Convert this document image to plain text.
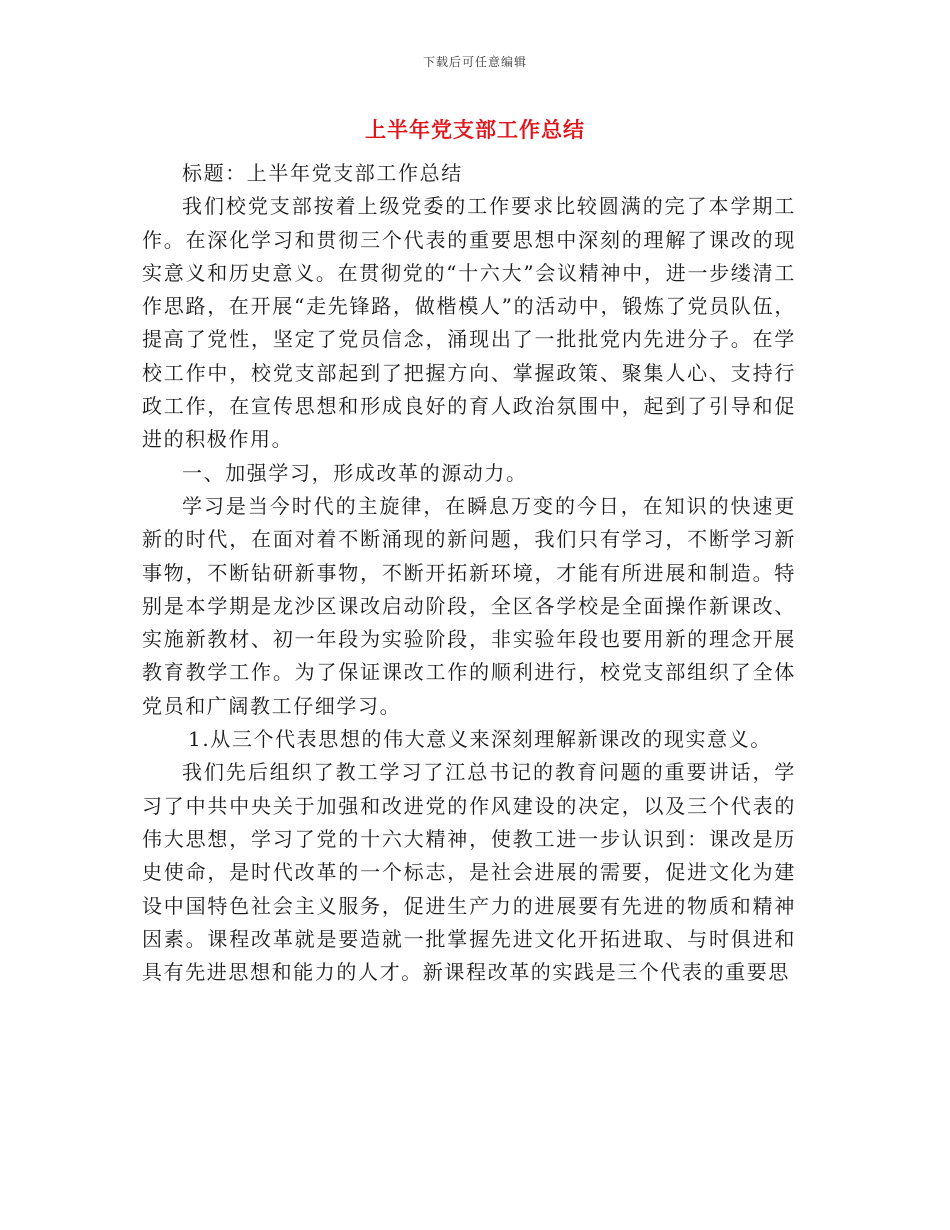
下载后可任意编辑
上半年党支部工作总结

标题：上半年党支部工作总结

我们校党支部按着上级党委的工作要求比较圆满的完了本学期工作。在深化学习和贯彻三个代表的重要思想中深刻的理解了课改的现实意义和历史意义。在贯彻党的“十六大”会议精神中，进一步缕清工作思路，在开展“走先锋路，做楷模人”的活动中，锻炼了党员队伍，提高了党性，坚定了党员信念，涌现出了一批批党内先进分子。在学校工作中，校党支部起到了把握方向、掌握政策、聚集人心、支持行政工作，在宣传思想和形成良好的育人政治氛围中，起到了引导和促进的积极作用。

一、加强学习，形成改革的源动力。

学习是当今时代的主旋律，在瞬息万变的今日，在知识的快速更新的时代，在面对着不断涌现的新问题，我们只有学习，不断学习新事物，不断钻研新事物，不断开拓新环境，才能有所进展和制造。特别是本学期是龙沙区课改启动阶段，全区各学校是全面操作新课改、实施新教材、初一年段为实验阶段，非实验年段也要用新的理念开展教育教学工作。为了保证课改工作的顺利进行，校党支部组织了全体党员和广阔教工仔细学习。

1.从三个代表思想的伟大意义来深刻理解新课改的现实意义。

我们先后组织了教工学习了江总书记的教育问题的重要讲话，学习了中共中央关于加强和改进党的作风建设的决定，以及三个代表的伟大思想，学习了党的十六大精神，使教工进一步认识到：课改是历史使命，是时代改革的一个标志，是社会进展的需要，促进文化为建设中国特色社会主义服务，促进生产力的进展要有先进的物质和精神因素。课程改革就是要造就一批掌握先进文化开拓进取、与时俱进和具有先进思想和能力的人才。新课程改革的实践是三个代表的重要思
